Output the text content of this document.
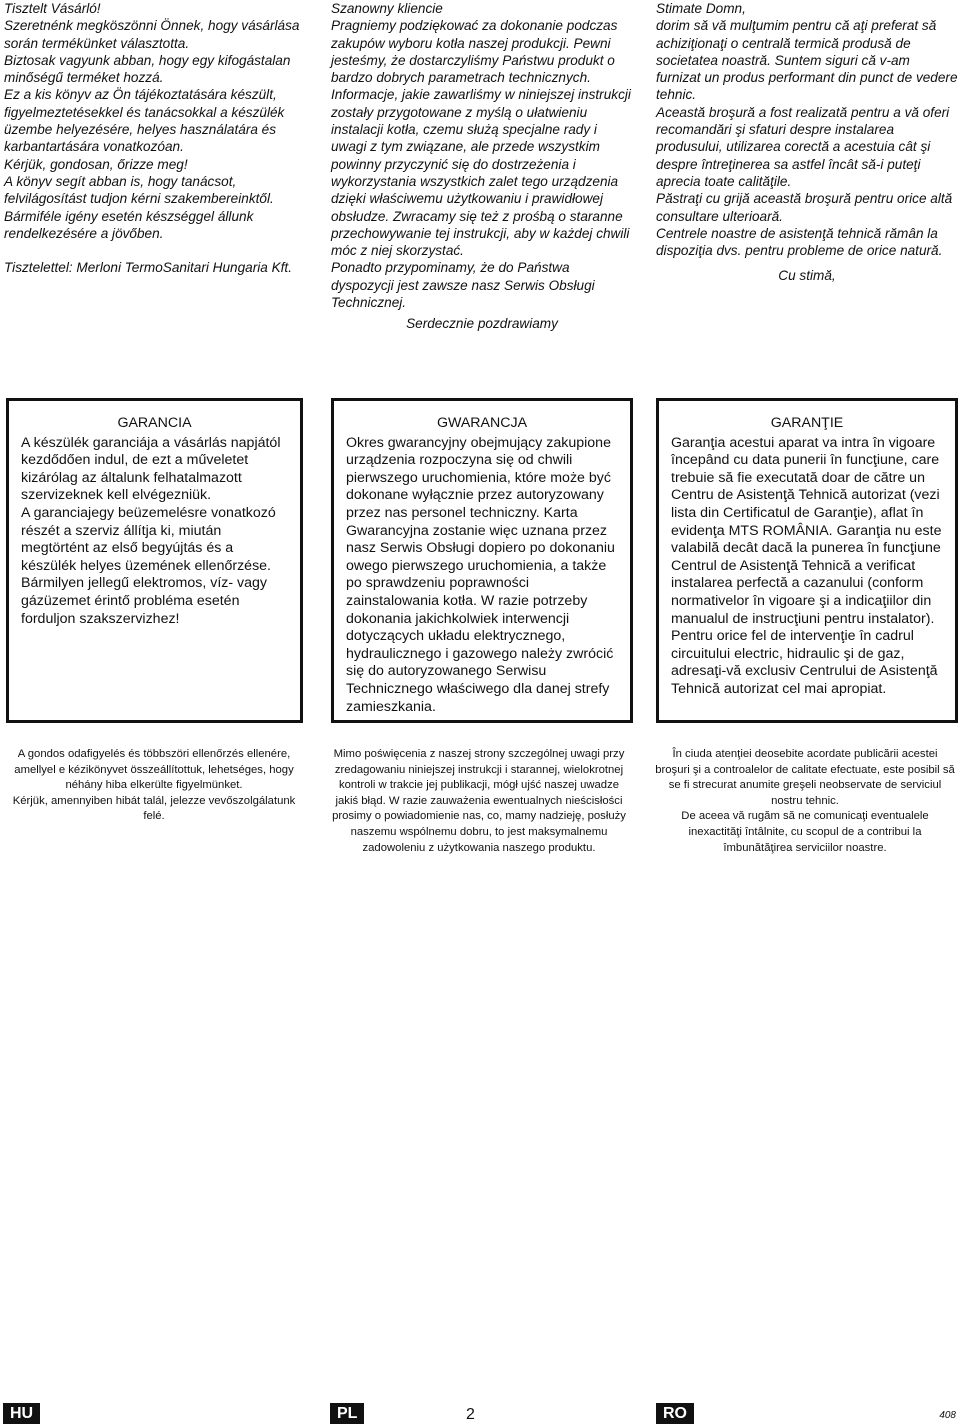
Tisztelt Vásárló!

Szeretnénk megköszönni Önnek, hogy vásárlása során termékünket választotta.

Biztosak vagyunk abban, hogy egy kifogástalan minőségű terméket hozzá.

Ez a kis könyv az Ön tájékoztatására készült, figyelmeztetésekkel és tanácsokkal a készülék üzembe helyezésére, helyes használatára és karbantartására vonatkozóan.

Kérjük, gondosan, őrizze meg!

A könyv segít abban is, hogy tanácsot, felvilágosítást tudjon kérni szakembereinktől.

Bármiféle igény esetén készséggel állunk rendelkezésére a jövőben.

Tisztelettel: Merloni TermoSanitari Hungaria Kft.

Szanowny kliencie

Pragniemy podziękować za dokonanie podczas zakupów wyboru kotła naszej produkcji. Pewni jesteśmy, że dostarczyliśmy Państwu produkt o bardzo dobrych parametrach technicznych.

Informacje, jakie zawarliśmy w niniejszej instrukcji zostały przygotowane z myślą o ułatwieniu instalacji kotła, czemu służą specjalne rady i uwagi z tym związane, ale przede wszystkim powinny przyczynić się do dostrzeżenia i wykorzystania wszystkich zalet tego urządzenia dzięki właściwemu użytkowaniu i prawidłowej obsłudze. Zwracamy się też z prośbą o staranne przechowywanie tej instrukcji, aby w każdej chwili móc z niej skorzystać.

Ponadto przypominamy, że do Państwa dyspozycji jest zawsze nasz Serwis Obsługi Technicznej.

Serdecznie pozdrawiamy

Stimate Domn,

dorim să vă mulţumim pentru că aţi preferat să achiziţionaţi o centrală termică produsă de societatea noastră. Suntem siguri că v-am furnizat un produs performant din punct de vedere tehnic.

Această broşură a fost realizată pentru a vă oferi recomandări şi sfaturi despre instalarea produsului, utilizarea corectă a acestuia cât şi despre întreţinerea sa astfel încât să-i puteţi aprecia toate calităţile.

Păstraţi cu grijă această broşură pentru orice altă consultare ulterioară.

Centrele noastre de asistenţă tehnică rămân la dispoziţia dvs. pentru probleme de orice natură.

Cu stimă,

GARANCIA

A készülék garanciája a vásárlás napjától kezdődően indul, de ezt a műveletet kizárólag az általunk felhatalmazott szervizeknek kell elvégezniük.

A garanciajegy beüzemelésre vonatkozó részét a szerviz állítja ki, miután megtörtént az első begyújtás és a készülék helyes üzemének ellenőrzése.

Bármilyen jellegű elektromos, víz- vagy gázüzemet érintő probléma esetén forduljon szakszervizhez!

GWARANCJA

Okres gwarancyjny obejmujący zakupione urządzenia rozpoczyna się od chwili pierwszego uruchomienia, które może być dokonane wyłącznie przez autoryzowany przez nas personel techniczny. Karta Gwarancyjna zostanie więc uznana przez nasz Serwis Obsługi dopiero po dokonaniu owego pierwszego uruchomienia, a także po sprawdzeniu poprawności zainstalowania kotła. W razie potrzeby dokonania jakichkolwiek interwencji dotyczących układu elektrycznego, hydraulicznego i gazowego należy zwrócić się do autoryzowanego Serwisu Technicznego właściwego dla danej strefy zamieszkania.

GARANŢIE

Garanţia acestui aparat va intra în vigoare începând cu data punerii în funcţiune, care trebuie să fie executată doar de către un Centru de Asistenţă Tehnică autorizat (vezi lista din Certificatul de Garanţie), aflat în evidenţa MTS ROMÂNIA. Garanţia nu este valabilă decât dacă la punerea în funcţiune Centrul de Asistenţă Tehnică a verificat instalarea perfectă a cazanului (conform normativelor în vigoare şi a indicaţiilor din manualul de instrucţiuni pentru instalator).

Pentru orice fel de intervenţie în cadrul circuitului electric, hidraulic şi de gaz, adresaţi-vă exclusiv Centrului de Asistenţă Tehnică autorizat cel mai apropiat.

A gondos odafigyelés és többszöri ellenőrzés ellenére, amellyel e kézikönyvet összeállítottuk, lehetséges, hogy néhány hiba elkerülte figyelmünket.

Kérjük, amennyiben hibát talál, jelezze vevőszolgálatunk felé.

Mimo poświęcenia z naszej strony szczególnej uwagi przy zredagowaniu niniejszej instrukcji i starannej, wielokrotnej kontroli w trakcie jej publikacji, mógł ujść naszej uwadze jakiś błąd. W razie zauważenia ewentualnych nieścisłości prosimy o powiadomienie nas, co, mamy nadzieję, posłuży naszemu wspólnemu dobru, to jest maksymalnemu zadowoleniu z użytkowania naszego produktu.

În ciuda atenţiei deosebite acordate publicării acestei broşuri şi a controalelor de calitate efectuate, este posibil să se fi strecurat anumite greşeli neobservate de serviciul nostru tehnic.

De aceea vă rugăm să ne comunicaţi eventualele inexactităţi întâlnite, cu scopul de a contribui la îmbunătăţirea serviciilor noastre.

HU	PL	2	RO	408
